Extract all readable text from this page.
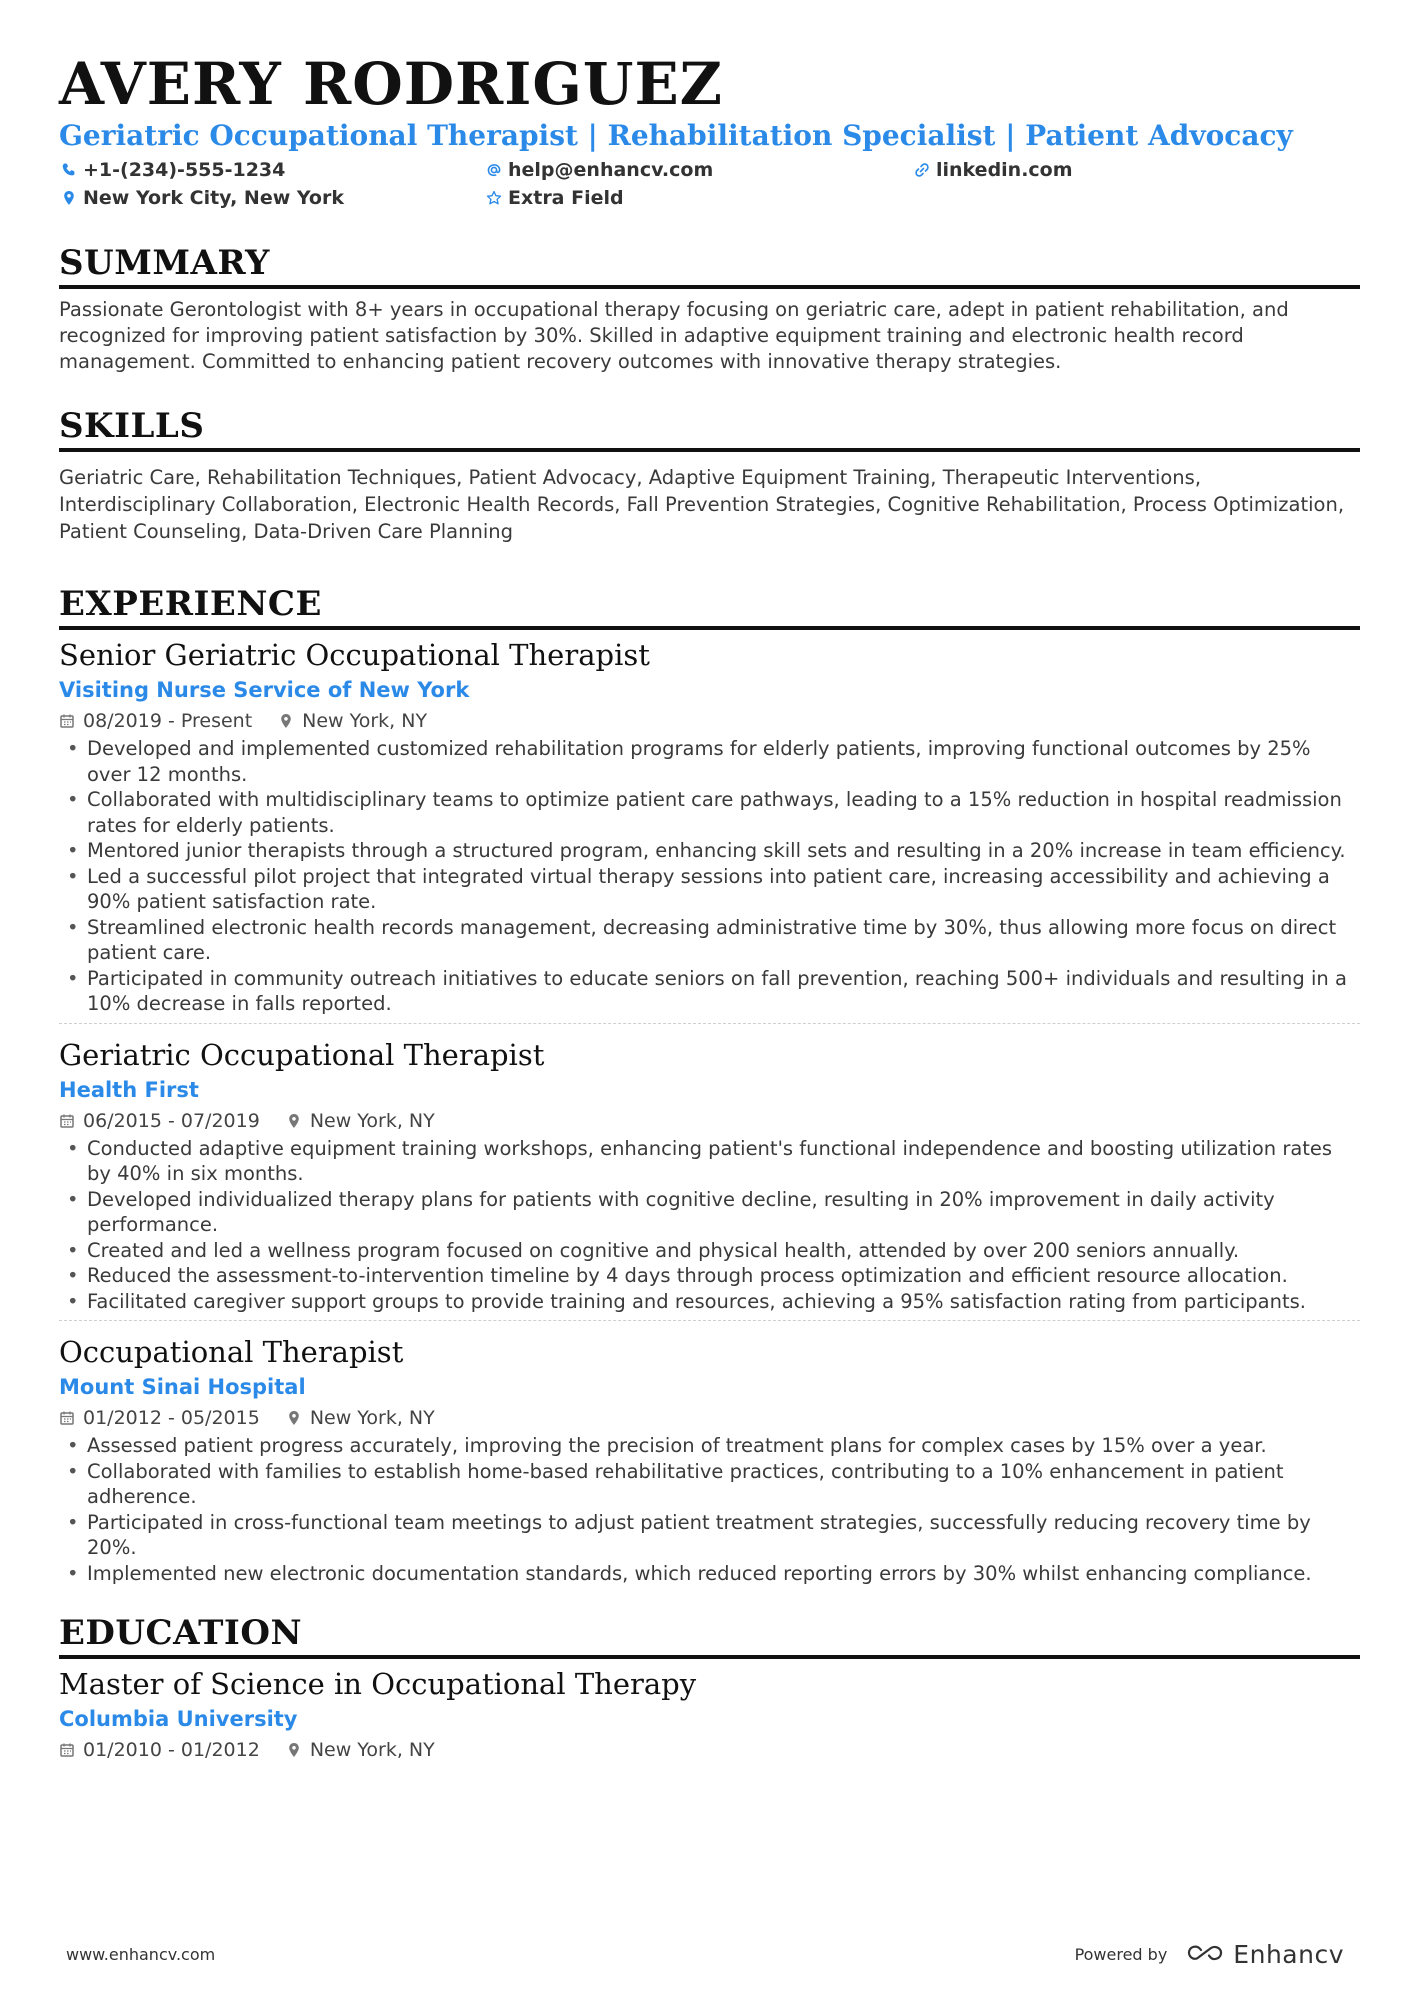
AVERY RODRIGUEZ
Geriatric Occupational Therapist | Rehabilitation Specialist | Patient Advocacy
+1-(234)-555-1234	help@enhancv.com	linkedin.com
New York City, New York	Extra Field
SUMMARY
Passionate Gerontologist with 8+ years in occupational therapy focusing on geriatric care, adept in patient rehabilitation, and recognized for improving patient satisfaction by 30%. Skilled in adaptive equipment training and electronic health record management. Committed to enhancing patient recovery outcomes with innovative therapy strategies.
SKILLS
Geriatric Care, Rehabilitation Techniques, Patient Advocacy, Adaptive Equipment Training, Therapeutic Interventions, Interdisciplinary Collaboration, Electronic Health Records, Fall Prevention Strategies, Cognitive Rehabilitation, Process Optimization, Patient Counseling, Data-Driven Care Planning
EXPERIENCE
Senior Geriatric Occupational Therapist
Visiting Nurse Service of New York
08/2019 - Present	New York, NY
• Developed and implemented customized rehabilitation programs for elderly patients, improving functional outcomes by 25% over 12 months.
• Collaborated with multidisciplinary teams to optimize patient care pathways, leading to a 15% reduction in hospital readmission rates for elderly patients.
• Mentored junior therapists through a structured program, enhancing skill sets and resulting in a 20% increase in team efficiency.
• Led a successful pilot project that integrated virtual therapy sessions into patient care, increasing accessibility and achieving a 90% patient satisfaction rate.
• Streamlined electronic health records management, decreasing administrative time by 30%, thus allowing more focus on direct patient care.
• Participated in community outreach initiatives to educate seniors on fall prevention, reaching 500+ individuals and resulting in a 10% decrease in falls reported.
Geriatric Occupational Therapist
Health First
06/2015 - 07/2019	New York, NY
• Conducted adaptive equipment training workshops, enhancing patient's functional independence and boosting utilization rates by 40% in six months.
• Developed individualized therapy plans for patients with cognitive decline, resulting in 20% improvement in daily activity performance.
• Created and led a wellness program focused on cognitive and physical health, attended by over 200 seniors annually.
• Reduced the assessment-to-intervention timeline by 4 days through process optimization and efficient resource allocation.
• Facilitated caregiver support groups to provide training and resources, achieving a 95% satisfaction rating from participants.
Occupational Therapist
Mount Sinai Hospital
01/2012 - 05/2015	New York, NY
• Assessed patient progress accurately, improving the precision of treatment plans for complex cases by 15% over a year.
• Collaborated with families to establish home-based rehabilitative practices, contributing to a 10% enhancement in patient adherence.
• Participated in cross-functional team meetings to adjust patient treatment strategies, successfully reducing recovery time by 20%.
• Implemented new electronic documentation standards, which reduced reporting errors by 30% whilst enhancing compliance.
EDUCATION
Master of Science in Occupational Therapy
Columbia University
01/2010 - 01/2012	New York, NY
www.enhancv.com	Powered by	Enhancv
